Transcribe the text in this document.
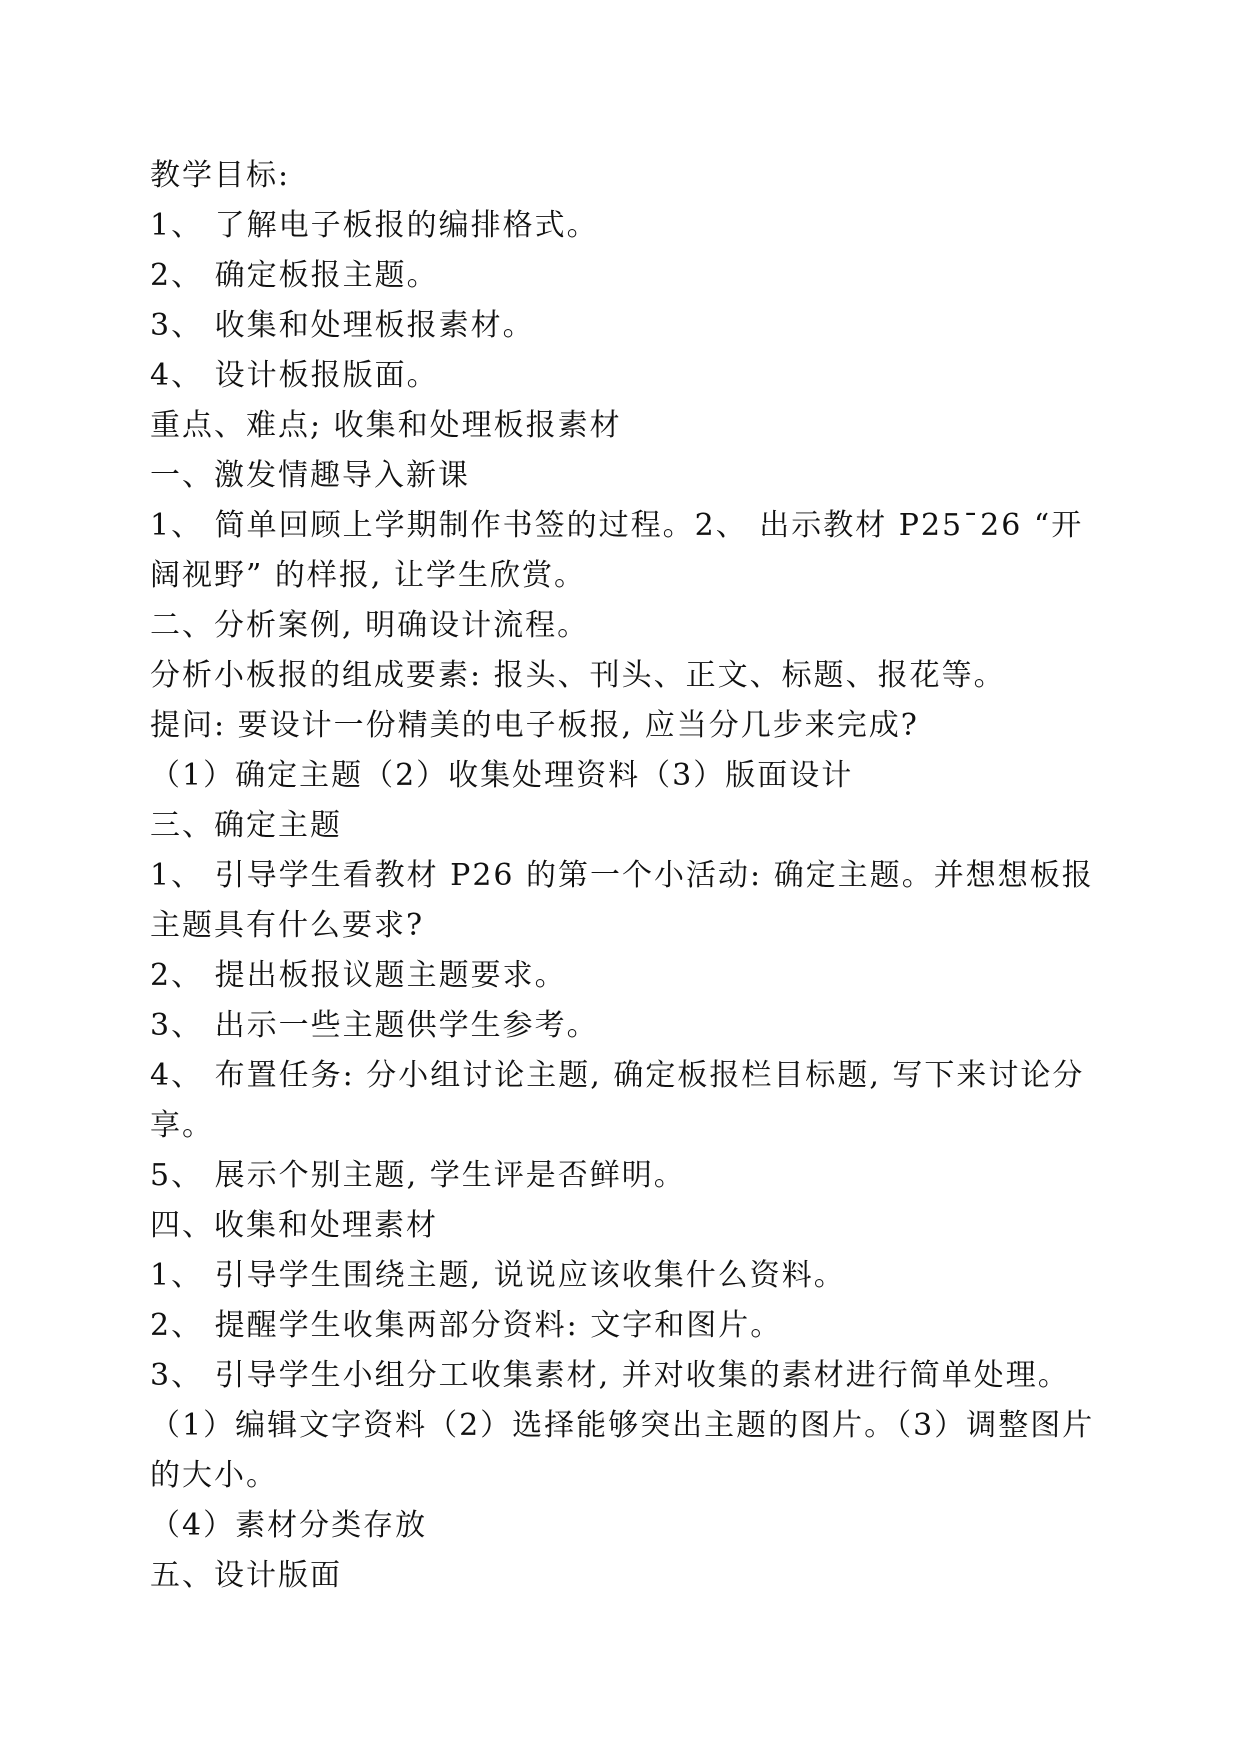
教学目标:

1、 了解电子板报的编排格式。

2、 确定板报主题。

3、 收集和处理板报素材。

4、 设计板报版面。

重点、难点; 收集和处理板报素材

一、激发情趣导入新课

1、 简单回顾上学期制作书签的过程。2、 出示教材 P25¯26 “开阔视野” 的样报, 让学生欣赏。

二、分析案例, 明确设计流程。

分析小板报的组成要素: 报头、刊头、正文、标题、报花等。

提问: 要设计一份精美的电子板报, 应当分几步来完成?

（1）确定主题（2）收集处理资料（3）版面设计

三、确定主题

1、 引导学生看教材 P26 的第一个小活动: 确定主题。并想想板报主题具有什么要求?

2、 提出板报议题主题要求。

3、 出示一些主题供学生参考。

4、 布置任务: 分小组讨论主题, 确定板报栏目标题, 写下来讨论分享。

5、 展示个别主题, 学生评是否鲜明。

四、收集和处理素材

1、 引导学生围绕主题, 说说应该收集什么资料。

2、 提醒学生收集两部分资料: 文字和图片。

3、 引导学生小组分工收集素材, 并对收集的素材进行简单处理。

（1）编辑文字资料（2）选择能够突出主题的图片。（3）调整图片的大小。

（4）素材分类存放

五、设计版面
